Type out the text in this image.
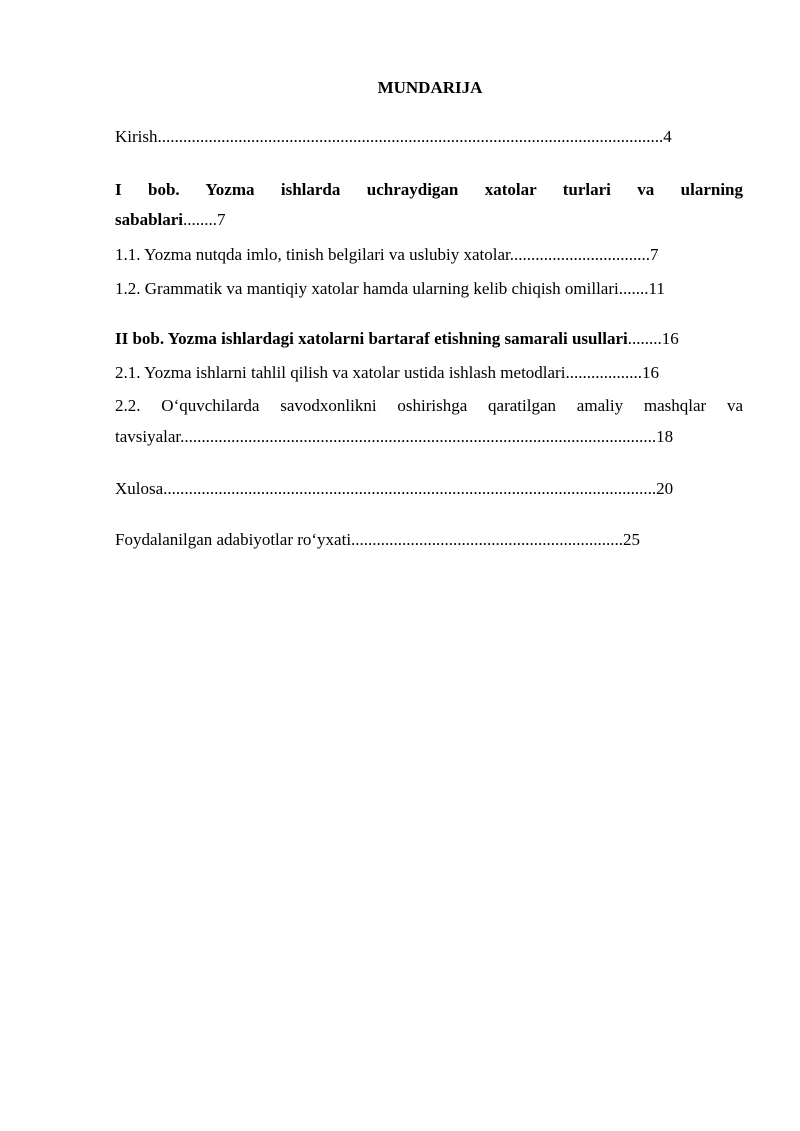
MUNDARIJA
Kirish.......................................................................................................................4
I bob. Yozma ishlarda uchraydigan xatolar turlari va ularning
sabablari........7
1.1. Yozma nutqda imlo, tinish belgilari va uslubiy xatolar.................................7
1.2. Grammatik va mantiqiy xatolar hamda ularning kelib chiqish omillari.......11
II bob. Yozma ishlardagi xatolarni bartaraf etishning samarali usullari........16
2.1. Yozma ishlarni tahlil qilish va xatolar ustida ishlash metodlari..................16
2.2. O‘quvchilarda savodxonlikni oshirishga qaratilgan amaliy mashqlar va
tavsiyalar................................................................................................................18
Xulosa....................................................................................................................20
Foydalanilgan adabiyotlar ro‘yxati................................................................25
